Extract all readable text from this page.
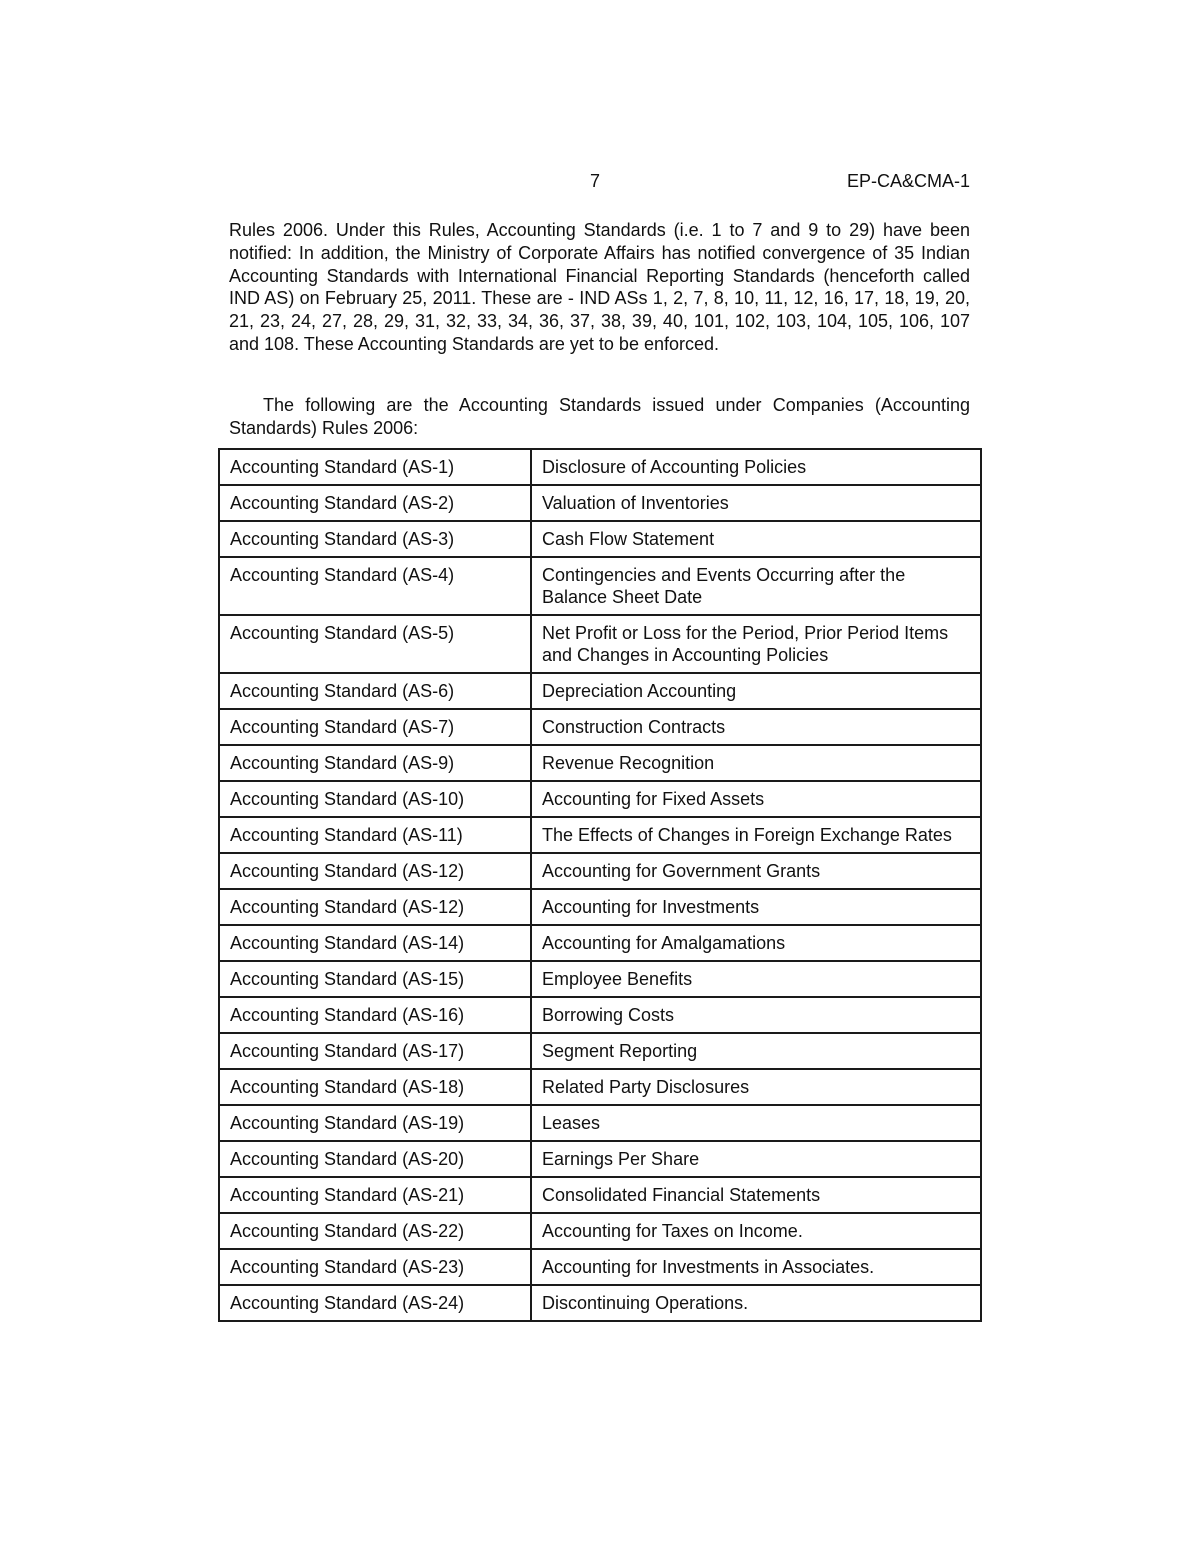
7	EP-CA&CMA-1

Rules 2006. Under this Rules, Accounting Standards (i.e. 1 to 7 and 9 to 29) have been notified: In addition, the Ministry of Corporate Affairs has notified convergence of 35 Indian Accounting Standards with International Financial Reporting Standards (henceforth called IND AS) on February 25, 2011. These are - IND ASs 1, 2, 7, 8, 10, 11, 12, 16, 17, 18, 19, 20, 21, 23, 24, 27, 28, 29, 31, 32, 33, 34, 36, 37, 38, 39, 40, 101, 102, 103, 104, 105, 106, 107 and 108. These Accounting Standards are yet to be enforced.

The following are the Accounting Standards issued under Companies (Accounting Standards) Rules 2006:

Accounting Standard (AS-1)	Disclosure of Accounting Policies
Accounting Standard (AS-2)	Valuation of Inventories
Accounting Standard (AS-3)	Cash Flow Statement
Accounting Standard (AS-4)	Contingencies and Events Occurring after the Balance Sheet Date
Accounting Standard (AS-5)	Net Profit or Loss for the Period, Prior Period Items and Changes in Accounting Policies
Accounting Standard (AS-6)	Depreciation Accounting
Accounting Standard (AS-7)	Construction Contracts
Accounting Standard (AS-9)	Revenue Recognition
Accounting Standard (AS-10)	Accounting for Fixed Assets
Accounting Standard (AS-11)	The Effects of Changes in Foreign Exchange Rates
Accounting Standard (AS-12)	Accounting for Government Grants
Accounting Standard (AS-12)	Accounting for Investments
Accounting Standard (AS-14)	Accounting for Amalgamations
Accounting Standard (AS-15)	Employee Benefits
Accounting Standard (AS-16)	Borrowing Costs
Accounting Standard (AS-17)	Segment Reporting
Accounting Standard (AS-18)	Related Party Disclosures
Accounting Standard (AS-19)	Leases
Accounting Standard (AS-20)	Earnings Per Share
Accounting Standard (AS-21)	Consolidated Financial Statements
Accounting Standard (AS-22)	Accounting for Taxes on Income.
Accounting Standard (AS-23)	Accounting for Investments in Associates.
Accounting Standard (AS-24)	Discontinuing Operations.
